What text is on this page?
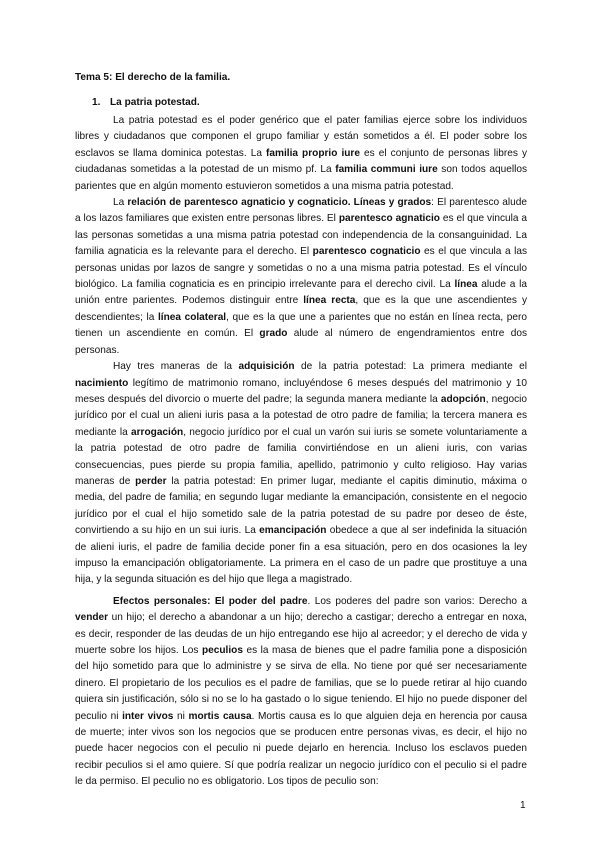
Tema 5: El derecho de la familia.
1. La patria potestad.

La patria potestad es el poder genérico que el pater familias ejerce sobre los individuos libres y ciudadanos que componen el grupo familiar y están sometidos a él. El poder sobre los esclavos se llama dominica potestas. La familia proprio iure es el conjunto de personas libres y ciudadanas sometidas a la potestad de un mismo pf. La familia communi iure son todos aquellos parientes que en algún momento estuvieron sometidos a una misma patria potestad.

La relación de parentesco agnaticio y cognaticio. Líneas y grados: El parentesco alude a los lazos familiares que existen entre personas libres. El parentesco agnaticio es el que vincula a las personas sometidas a una misma patria potestad con independencia de la consanguinidad. La familia agnaticia es la relevante para el derecho. El parentesco cognaticio es el que vincula a las personas unidas por lazos de sangre y sometidas o no a una misma patria potestad. Es el vínculo biológico. La familia cognaticia es en principio irrelevante para el derecho civil. La línea alude a la unión entre parientes. Podemos distinguir entre línea recta, que es la que une ascendientes y descendientes; la línea colateral, que es la que une a parientes que no están en línea recta, pero tienen un ascendiente en común. El grado alude al número de engendramientos entre dos personas.

Hay tres maneras de la adquisición de la patria potestad: La primera mediante el nacimiento legítimo de matrimonio romano, incluyéndose 6 meses después del matrimonio y 10 meses después del divorcio o muerte del padre; la segunda manera mediante la adopción, negocio jurídico por el cual un alieni iuris pasa a la potestad de otro padre de familia; la tercera manera es mediante la arrogación, negocio jurídico por el cual un varón sui iuris se somete voluntariamente a la patria potestad de otro padre de familia convirtiéndose en un alieni iuris, con varias consecuencias, pues pierde su propia familia, apellido, patrimonio y culto religioso. Hay varias maneras de perder la patria potestad: En primer lugar, mediante el capitis diminutio, máxima o media, del padre de familia; en segundo lugar mediante la emancipación, consistente en el negocio jurídico por el cual el hijo sometido sale de la patria potestad de su padre por deseo de éste, convirtiendo a su hijo en un sui iuris. La emancipación obedece a que al ser indefinida la situación de alieni iuris, el padre de familia decide poner fin a esa situación, pero en dos ocasiones la ley impuso la emancipación obligatoriamente. La primera en el caso de un padre que prostituye a una hija, y la segunda situación es del hijo que llega a magistrado.

Efectos personales: El poder del padre. Los poderes del padre son varios: Derecho a vender un hijo; el derecho a abandonar a un hijo; derecho a castigar; derecho a entregar en noxa, es decir, responder de las deudas de un hijo entregando ese hijo al acreedor; y el derecho de vida y muerte sobre los hijos. Los peculios es la masa de bienes que el padre familia pone a disposición del hijo sometido para que lo administre y se sirva de ella. No tiene por qué ser necesariamente dinero. El propietario de los peculios es el padre de familias, que se lo puede retirar al hijo cuando quiera sin justificación, sólo si no se lo ha gastado o lo sigue teniendo. El hijo no puede disponer del peculio ni inter vivos ni mortis causa. Mortis causa es lo que alguien deja en herencia por causa de muerte; inter vivos son los negocios que se producen entre personas vivas, es decir, el hijo no puede hacer negocios con el peculio ni puede dejarlo en herencia. Incluso los esclavos pueden recibir peculios si el amo quiere. Sí que podría realizar un negocio jurídico con el peculio si el padre le da permiso. El peculio no es obligatorio. Los tipos de peculio son:

1
